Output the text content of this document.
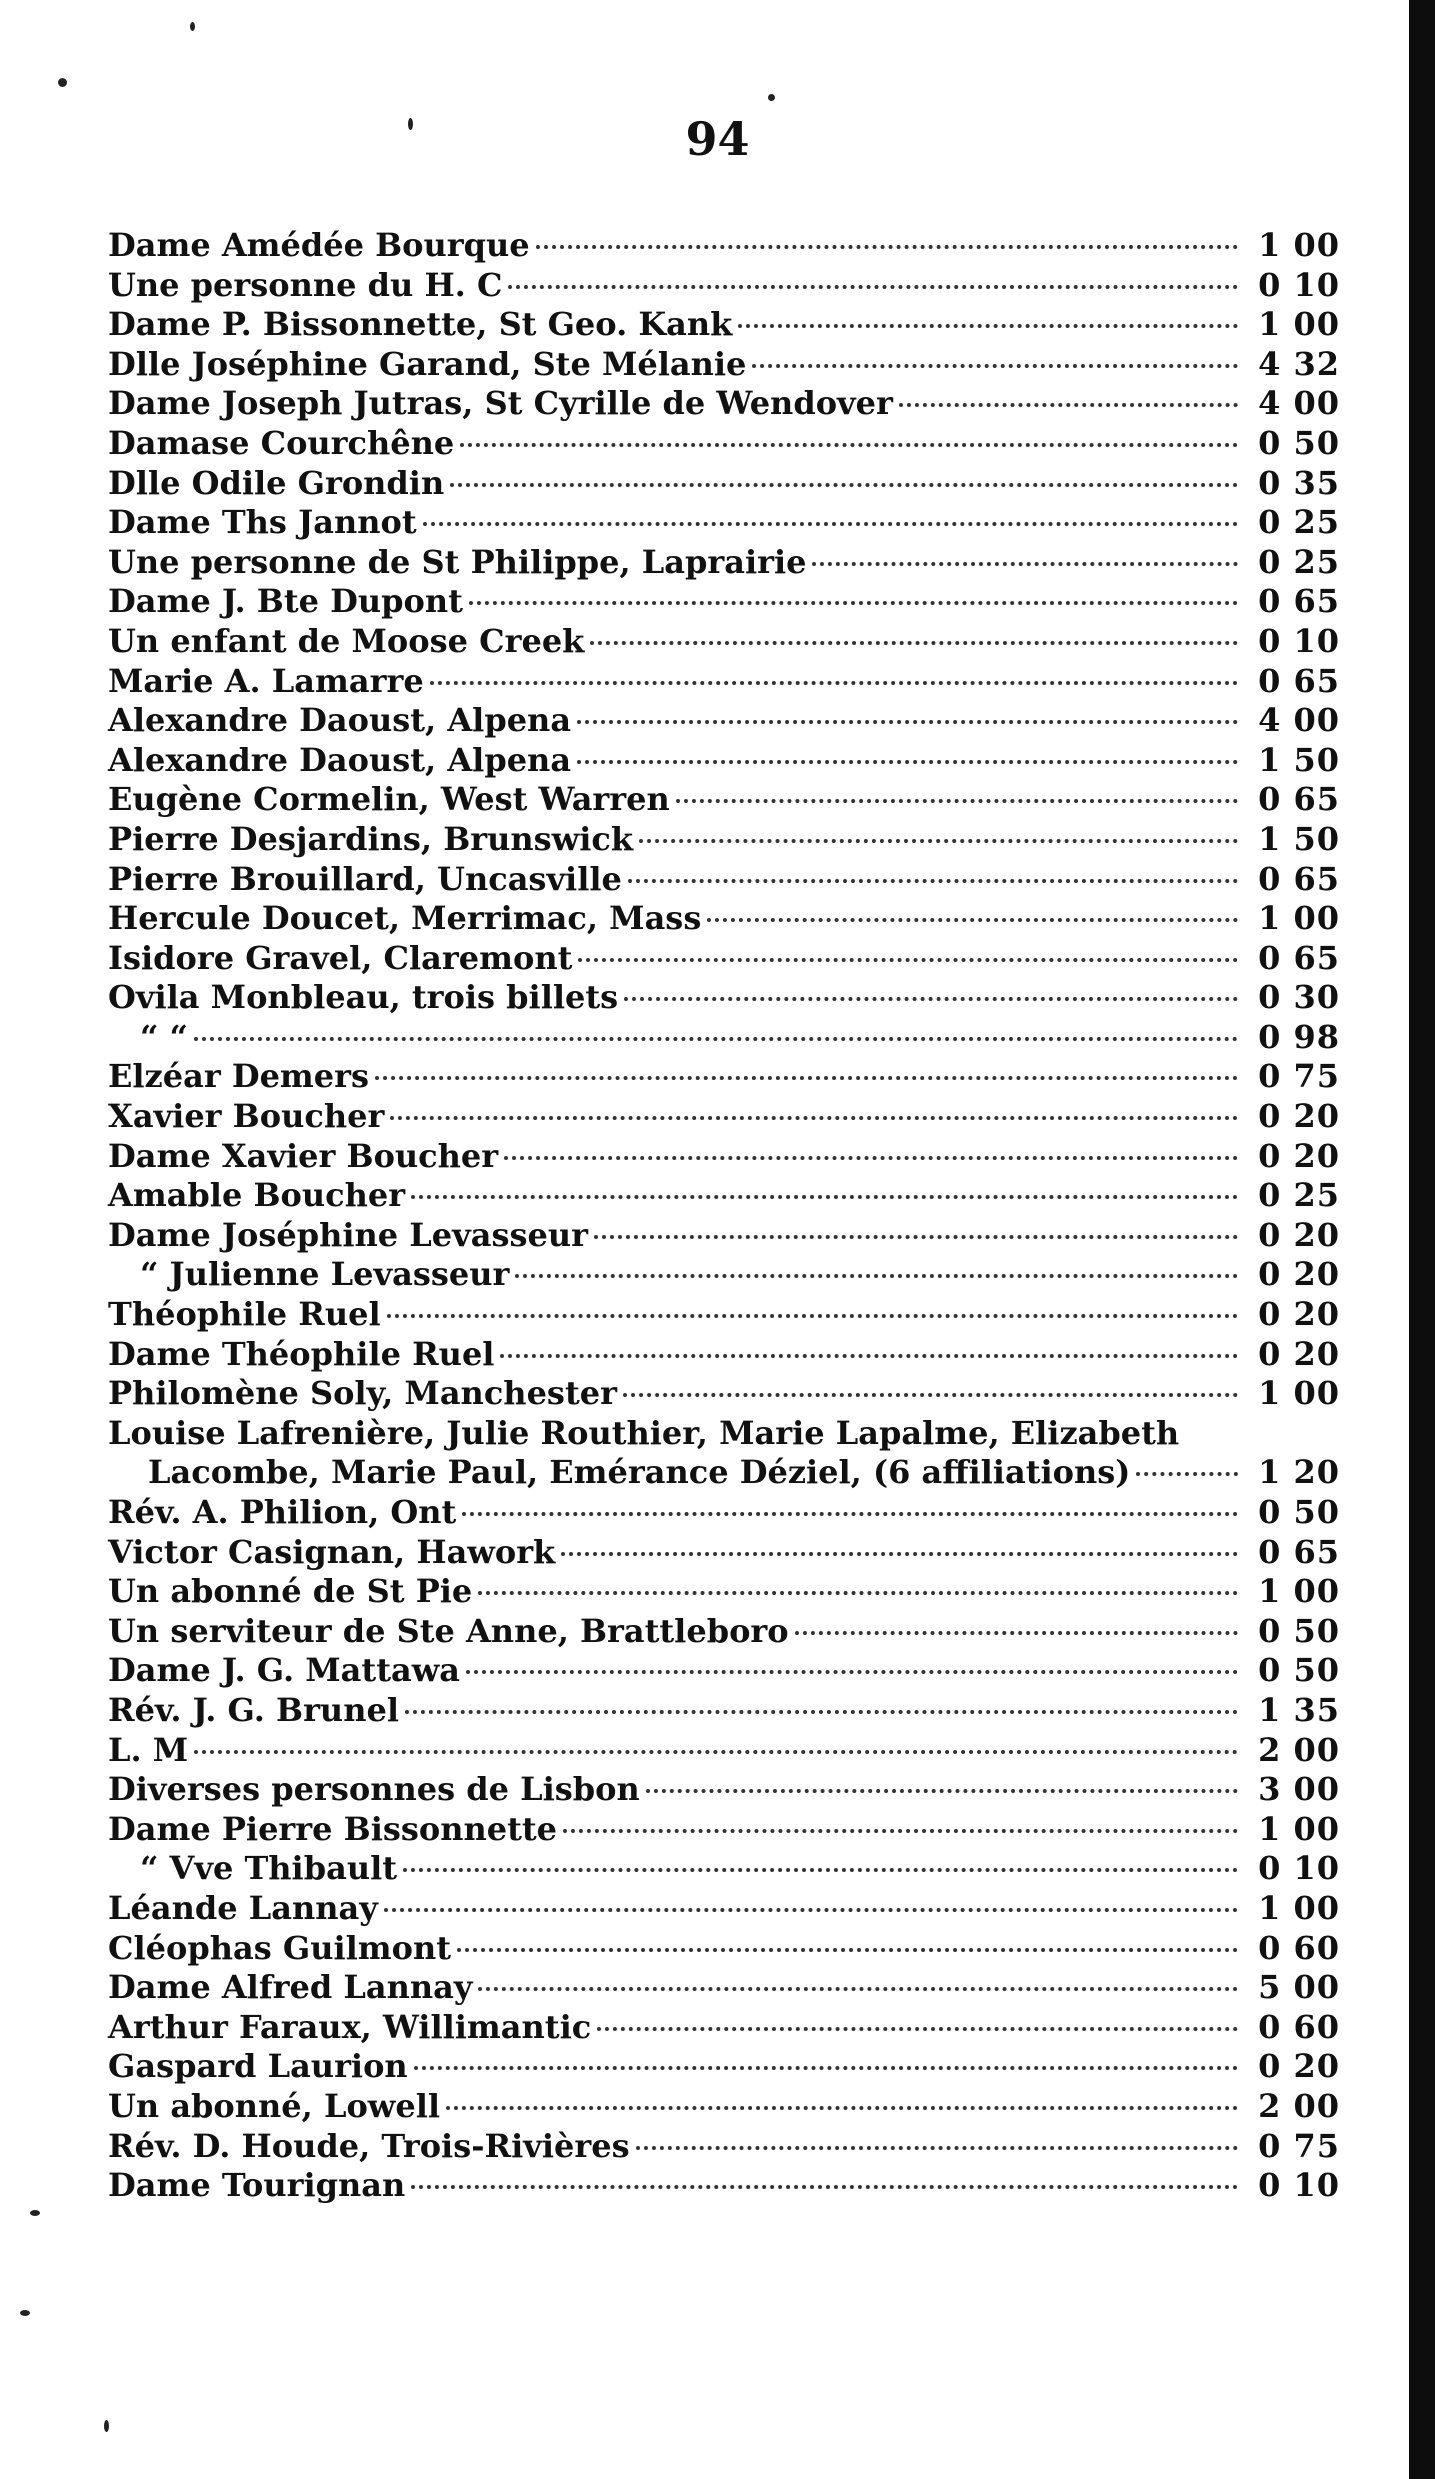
94
Dame Amédée Bourque	1 00
Une personne du H. C	0 10
Dame P. Bissonnette, St Geo. Kank	1 00
Dlle Joséphine Garand, Ste Mélanie	4 32
Dame Joseph Jutras, St Cyrille de Wendover	4 00
Damase Courchêne	0 50
Dlle Odile Grondin	0 35
Dame Ths Jannot	0 25
Une personne de St Philippe, Laprairie	0 25
Dame J. Bte Dupont	0 65
Un enfant de Moose Creek	0 10
Marie A. Lamarre	0 65
Alexandre Daoust, Alpena	4 00
Alexandre Daoust, Alpena	1 50
Eugène Cormelin, West Warren	0 65
Pierre Desjardins, Brunswick	1 50
Pierre Brouillard, Uncasville	0 65
Hercule Doucet, Merrimac, Mass	1 00
Isidore Gravel, Claremont	0 65
Ovila Monbleau, trois billets	0 30
“ “	0 98
Elzéar Demers	0 75
Xavier Boucher	0 20
Dame Xavier Boucher	0 20
Amable Boucher	0 25
Dame Joséphine Levasseur	0 20
“ Julienne Levasseur	0 20
Théophile Ruel	0 20
Dame Théophile Ruel	0 20
Philomène Soly, Manchester	1 00
Louise Lafrenière, Julie Routhier, Marie Lapalme, Elizabeth
Lacombe, Marie Paul, Emérance Déziel, (6 affiliations)	1 20
Rév. A. Philion, Ont	0 50
Victor Casignan, Hawork	0 65
Un abonné de St Pie	1 00
Un serviteur de Ste Anne, Brattleboro	0 50
Dame J. G. Mattawa	0 50
Rév. J. G. Brunel	1 35
L. M	2 00
Diverses personnes de Lisbon	3 00
Dame Pierre Bissonnette	1 00
“ Vve Thibault	0 10
Léande Lannay	1 00
Cléophas Guilmont	0 60
Dame Alfred Lannay	5 00
Arthur Faraux, Willimantic	0 60
Gaspard Laurion	0 20
Un abonné, Lowell	2 00
Rév. D. Houde, Trois-Rivières	0 75
Dame Tourignan	0 10
